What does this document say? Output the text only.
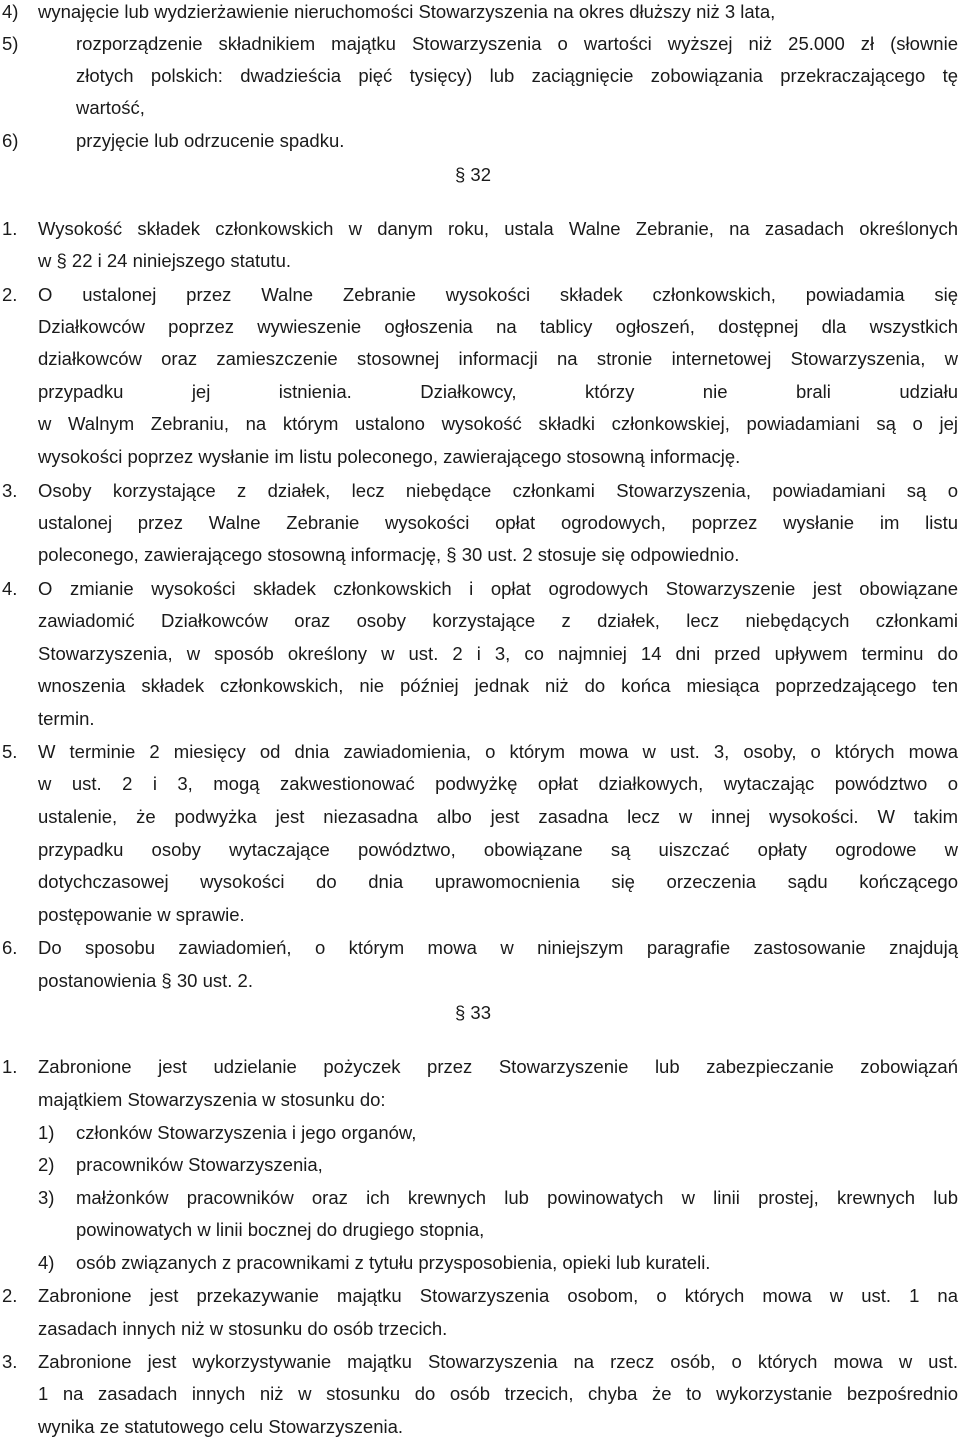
4) wynajęcie lub wydzierżawienie nieruchomości Stowarzyszenia na okres dłuższy niż 3 lata,
5)	rozporządzenie składnikiem majątku Stowarzyszenia o wartości wyższej niż 25.000 zł (słownie
złotych polskich: dwadzieścia pięć tysięcy) lub zaciągnięcie zobowiązania przekraczającego tę
wartość,
6)	przyjęcie lub odrzucenie spadku.
§ 32
1. Wysokość składek członkowskich w danym roku, ustala Walne Zebranie, na zasadach określonych
w § 22 i 24 niniejszego statutu.
2. O ustalonej przez Walne Zebranie wysokości składek członkowskich, powiadamia się
Działkowców poprzez wywieszenie ogłoszenia na tablicy ogłoszeń, dostępnej dla wszystkich
działkowców oraz zamieszczenie stosownej informacji na stronie internetowej Stowarzyszenia, w
przypadku jej istnienia. Działkowcy, którzy nie brali udziału
w Walnym Zebraniu, na którym ustalono wysokość składki członkowskiej, powiadamiani są o jej
wysokości poprzez wysłanie im listu poleconego, zawierającego stosowną informację.
3. Osoby korzystające z działek, lecz niebędące członkami Stowarzyszenia, powiadamiani są o
ustalonej przez Walne Zebranie wysokości opłat ogrodowych, poprzez wysłanie im listu
poleconego, zawierającego stosowną informację, § 30 ust. 2 stosuje się odpowiednio.
4. O zmianie wysokości składek członkowskich i opłat ogrodowych Stowarzyszenie jest obowiązane
zawiadomić Działkowców oraz osoby korzystające z działek, lecz niebędących członkami
Stowarzyszenia, w sposób określony w ust. 2 i 3, co najmniej 14 dni przed upływem terminu do
wnoszenia składek członkowskich, nie później jednak niż do końca miesiąca poprzedzającego ten
termin.
5. W terminie 2 miesięcy od dnia zawiadomienia, o którym mowa w ust. 3, osoby, o których mowa
w ust. 2 i 3, mogą zakwestionować podwyżkę opłat działkowych, wytaczając powództwo o
ustalenie, że podwyżka jest niezasadna albo jest zasadna lecz w innej wysokości. W takim
przypadku osoby wytaczające powództwo, obowiązane są uiszczać opłaty ogrodowe w
dotychczasowej wysokości do dnia uprawomocnienia się orzeczenia sądu kończącego
postępowanie w sprawie.
6. Do sposobu zawiadomień, o którym mowa w niniejszym paragrafie zastosowanie znajdują
postanowienia § 30 ust. 2.
§ 33
1. Zabronione jest udzielanie pożyczek przez Stowarzyszenie lub zabezpieczanie zobowiązań
majątkiem Stowarzyszenia w stosunku do:
1) członków Stowarzyszenia i jego organów,
2) pracowników Stowarzyszenia,
3) małżonków pracowników oraz ich krewnych lub powinowatych w linii prostej, krewnych lub
powinowatych w linii bocznej do drugiego stopnia,
4) osób związanych z pracownikami z tytułu przysposobienia, opieki lub kurateli.
2. Zabronione jest przekazywanie majątku Stowarzyszenia osobom, o których mowa w ust. 1 na
zasadach innych niż w stosunku do osób trzecich.
3. Zabronione jest wykorzystywanie majątku Stowarzyszenia na rzecz osób, o których mowa w ust.
1 na zasadach innych niż w stosunku do osób trzecich, chyba że to wykorzystanie bezpośrednio
wynika ze statutowego celu Stowarzyszenia.
